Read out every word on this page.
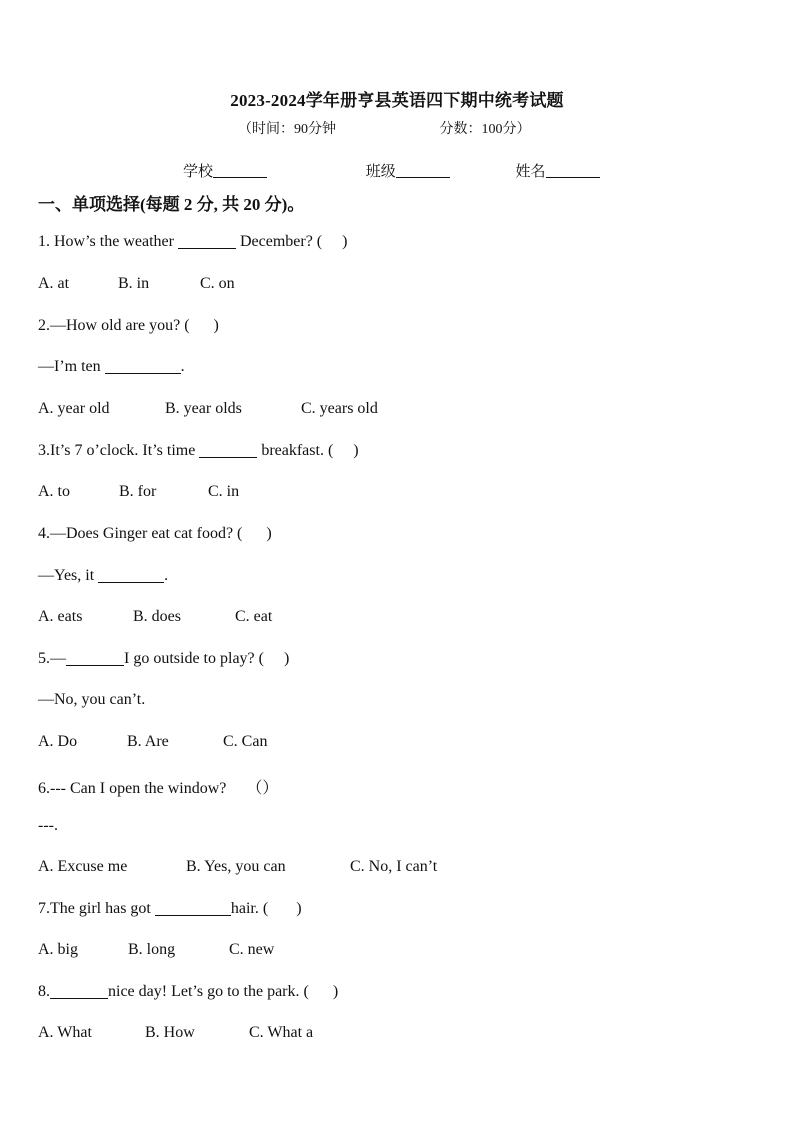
2023-2024学年册亨县英语四下期中统考试题
（时间：90分钟	分数：100分）
学校	班级	姓名
一、单项选择(每题 2 分, 共 20 分)。
1. How’s the weather	December? (     )
A. at	B. in	C. on
2.—How old are you? (      )
—I’m ten	.
A. year old	B. year olds	C. years old
3.It’s 7 o’clock. It’s time	breakfast. (     )
A. to	B. for	C. in
4.—Does Ginger eat cat food? (      )
—Yes, it	.
A. eats	B. does	C. eat
5.—	I go outside to play? (     )
—No, you can’t.
A. Do	B. Are	C. Can
6.--- Can I open the window?     （）
---.
A. Excuse me	B. Yes, you can	C. No, I can’t
7.The girl has got	hair. (       )
A. big	B. long	C. new
8.	nice day! Let’s go to the park. (      )
A. What	B. How	C. What a
